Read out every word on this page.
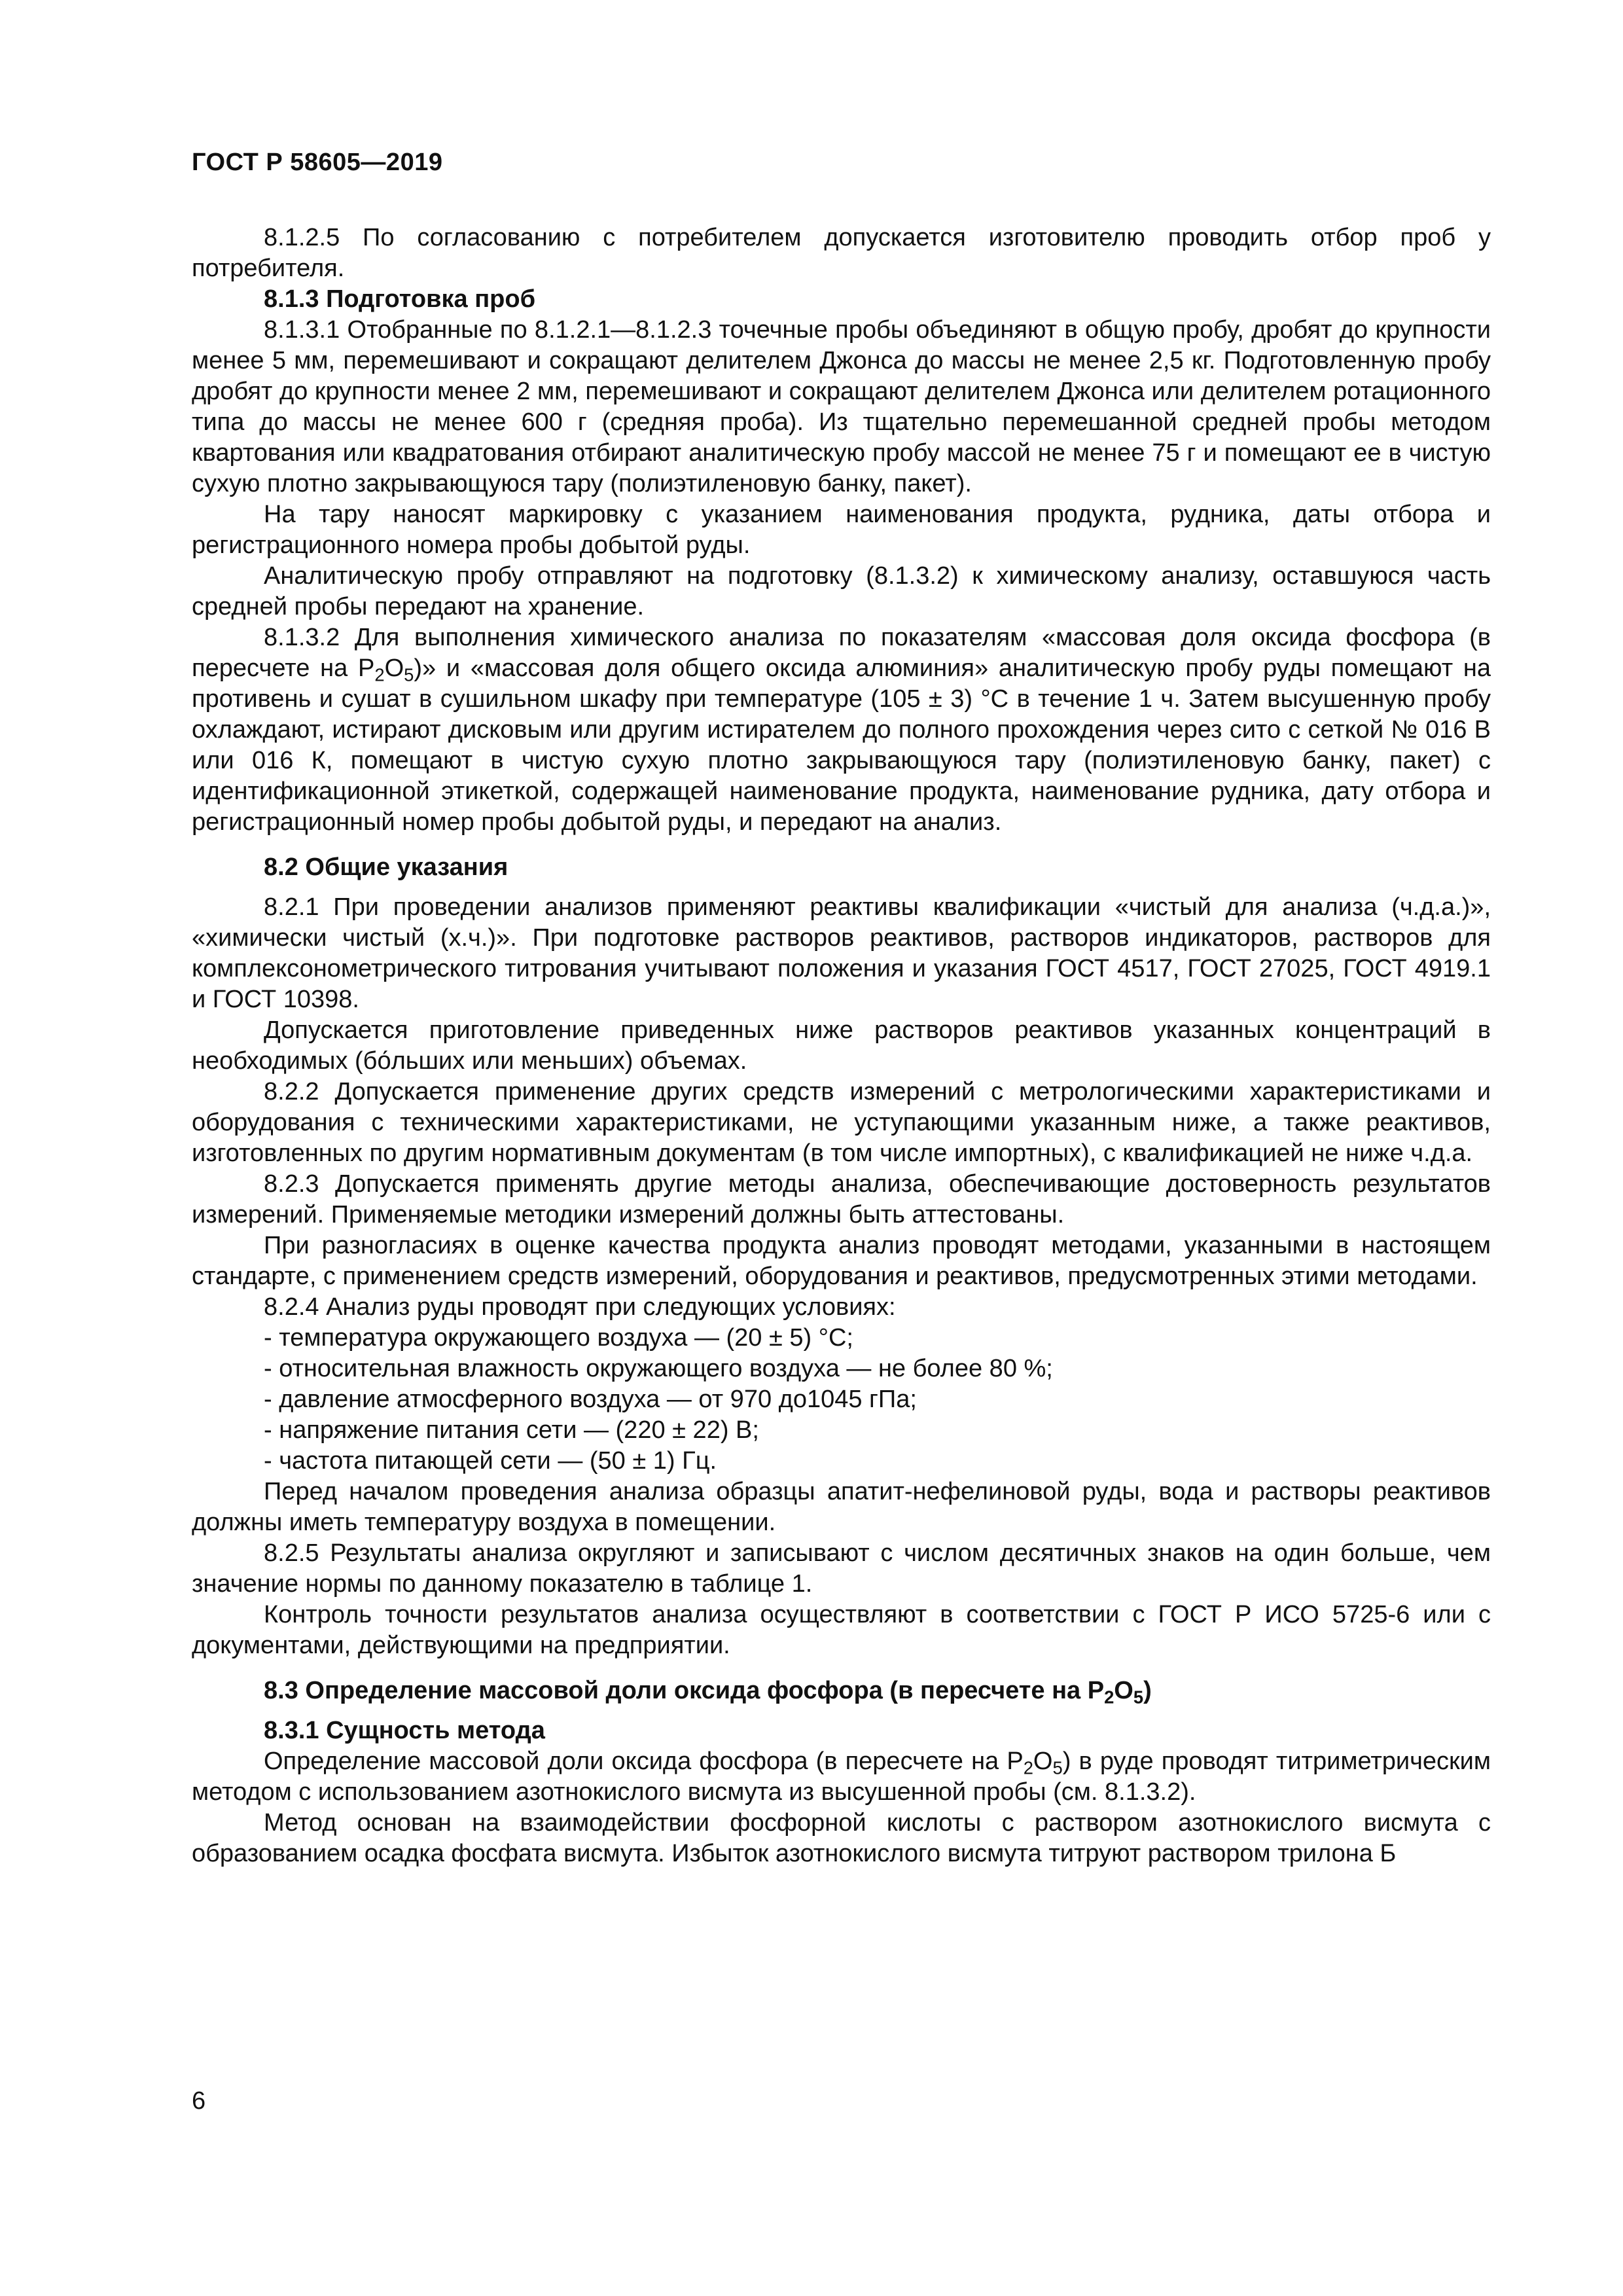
ГОСТ Р 58605—2019

8.1.2.5 По согласованию с потребителем допускается изготовителю проводить отбор проб у потребителя.

8.1.3 Подготовка проб

8.1.3.1 Отобранные по 8.1.2.1—8.1.2.3 точечные пробы объединяют в общую пробу, дробят до крупности менее 5 мм, перемешивают и сокращают делителем Джонса до массы не менее 2,5 кг. Подготовленную пробу дробят до крупности менее 2 мм, перемешивают и сокращают делителем Джонса или делителем ротационного типа до массы не менее 600 г (средняя проба). Из тщательно перемешанной средней пробы методом квартования или квадратования отбирают аналитическую пробу массой не менее 75 г и помещают ее в чистую сухую плотно закрывающуюся тару (полиэтиленовую банку, пакет).

На тару наносят маркировку с указанием наименования продукта, рудника, даты отбора и регистрационного номера пробы добытой руды.

Аналитическую пробу отправляют на подготовку (8.1.3.2) к химическому анализу, оставшуюся часть средней пробы передают на хранение.

8.1.3.2 Для выполнения химического анализа по показателям «массовая доля оксида фосфора (в пересчете на $P_2O_5$)» и «массовая доля общего оксида алюминия» аналитическую пробу руды помещают на противень и сушат в сушильном шкафу при температуре (105 ± 3) °С в течение 1 ч. Затем высушенную пробу охлаждают, истирают дисковым или другим истирателем до полного прохождения через сито с сеткой № 016 В или 016 К, помещают в чистую сухую плотно закрывающуюся тару (полиэтиленовую банку, пакет) с идентификационной этикеткой, содержащей наименование продукта, наименование рудника, дату отбора и регистрационный номер пробы добытой руды, и передают на анализ.

8.2 Общие указания

8.2.1 При проведении анализов применяют реактивы квалификации «чистый для анализа (ч.д.а.)», «химически чистый (х.ч.)». При подготовке растворов реактивов, растворов индикаторов, растворов для комплексонометрического титрования учитывают положения и указания ГОСТ 4517, ГОСТ 27025, ГОСТ 4919.1 и ГОСТ 10398.

Допускается приготовление приведенных ниже растворов реактивов указанных концентраций в необходимых (бо́льших или меньших) объемах.

8.2.2 Допускается применение других средств измерений с метрологическими характеристиками и оборудования с техническими характеристиками, не уступающими указанным ниже, а также реактивов, изготовленных по другим нормативным документам (в том числе импортных), с квалификацией не ниже ч.д.а.

8.2.3 Допускается применять другие методы анализа, обеспечивающие достоверность результатов измерений. Применяемые методики измерений должны быть аттестованы.

При разногласиях в оценке качества продукта анализ проводят методами, указанными в настоящем стандарте, с применением средств измерений, оборудования и реактивов, предусмотренных этими методами.

8.2.4 Анализ руды проводят при следующих условиях:

- температура окружающего воздуха — (20 ± 5) °С;

- относительная влажность окружающего воздуха — не более 80 %;

- давление атмосферного воздуха — от 970 до1045 гПа;

- напряжение питания сети — (220 ± 22) В;

- частота питающей сети — (50 ± 1) Гц.

Перед началом проведения анализа образцы апатит-нефелиновой руды, вода и растворы реактивов должны иметь температуру воздуха в помещении.

8.2.5 Результаты анализа округляют и записывают с числом десятичных знаков на один больше, чем значение нормы по данному показателю в таблице 1.

Контроль точности результатов анализа осуществляют в соответствии с ГОСТ Р ИСО 5725-6 или с документами, действующими на предприятии.

8.3 Определение массовой доли оксида фосфора (в пересчете на $P_2O_5$)
8.3.1 Сущность метода

Определение массовой доли оксида фосфора (в пересчете на $P_2O_5$) в руде проводят титриметрическим методом с использованием азотнокислого висмута из высушенной пробы (см. 8.1.3.2).

Метод основан на взаимодействии фосфорной кислоты с раствором азотнокислого висмута с образованием осадка фосфата висмута. Избыток азотнокислого висмута титруют раствором трилона Б

6
